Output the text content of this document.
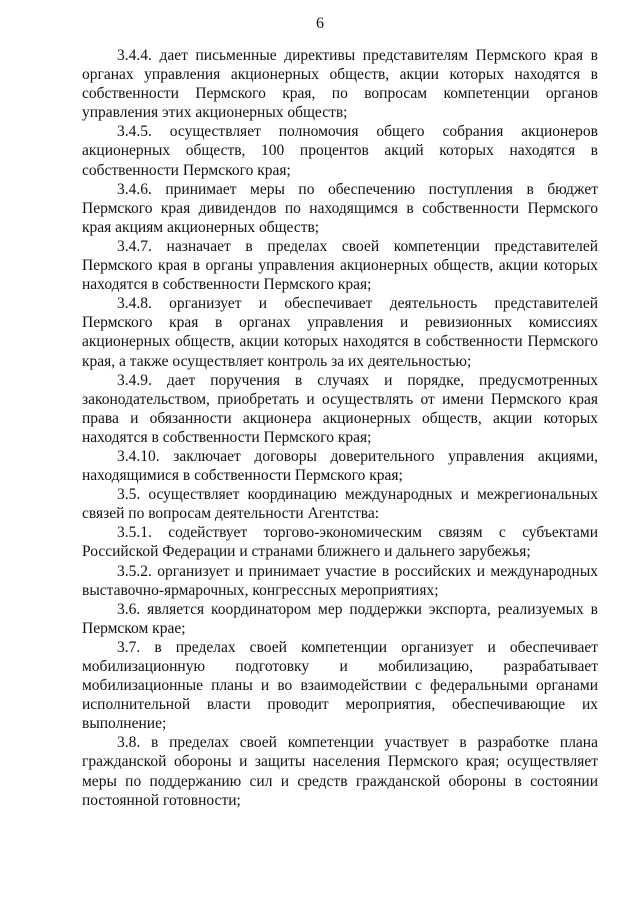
6

3.4.4. дает письменные директивы представителям Пермского края в органах управления акционерных обществ, акции которых находятся в собственности Пермского края, по вопросам компетенции органов управления этих акционерных обществ;

3.4.5. осуществляет полномочия общего собрания акционеров акционерных обществ, 100 процентов акций которых находятся в собственности Пермского края;

3.4.6. принимает меры по обеспечению поступления в бюджет Пермского края дивидендов по находящимся в собственности Пермского края акциям акционерных обществ;

3.4.7. назначает в пределах своей компетенции представителей Пермского края в органы управления акционерных обществ, акции которых находятся в собственности Пермского края;

3.4.8. организует и обеспечивает деятельность представителей Пермского края в органах управления и ревизионных комиссиях акционерных обществ, акции которых находятся в собственности Пермского края, а также осуществляет контроль за их деятельностью;

3.4.9. дает поручения в случаях и порядке, предусмотренных законодательством, приобретать и осуществлять от имени Пермского края права и обязанности акционера акционерных обществ, акции которых находятся в собственности Пермского края;

3.4.10. заключает договоры доверительного управления акциями, находящимися в собственности Пермского края;

3.5. осуществляет координацию международных и межрегиональных связей по вопросам деятельности Агентства:

3.5.1. содействует торгово-экономическим связям с субъектами Российской Федерации и странами ближнего и дальнего зарубежья;

3.5.2. организует и принимает участие в российских и международных выставочно-ярмарочных, конгрессных мероприятиях;

3.6. является координатором мер поддержки экспорта, реализуемых в Пермском крае;

3.7. в пределах своей компетенции организует и обеспечивает мобилизационную подготовку и мобилизацию, разрабатывает мобилизационные планы и во взаимодействии с федеральными органами исполнительной власти проводит мероприятия, обеспечивающие их выполнение;

3.8. в пределах своей компетенции участвует в разработке плана гражданской обороны и защиты населения Пермского края; осуществляет меры по поддержанию сил и средств гражданской обороны в состоянии постоянной готовности;
